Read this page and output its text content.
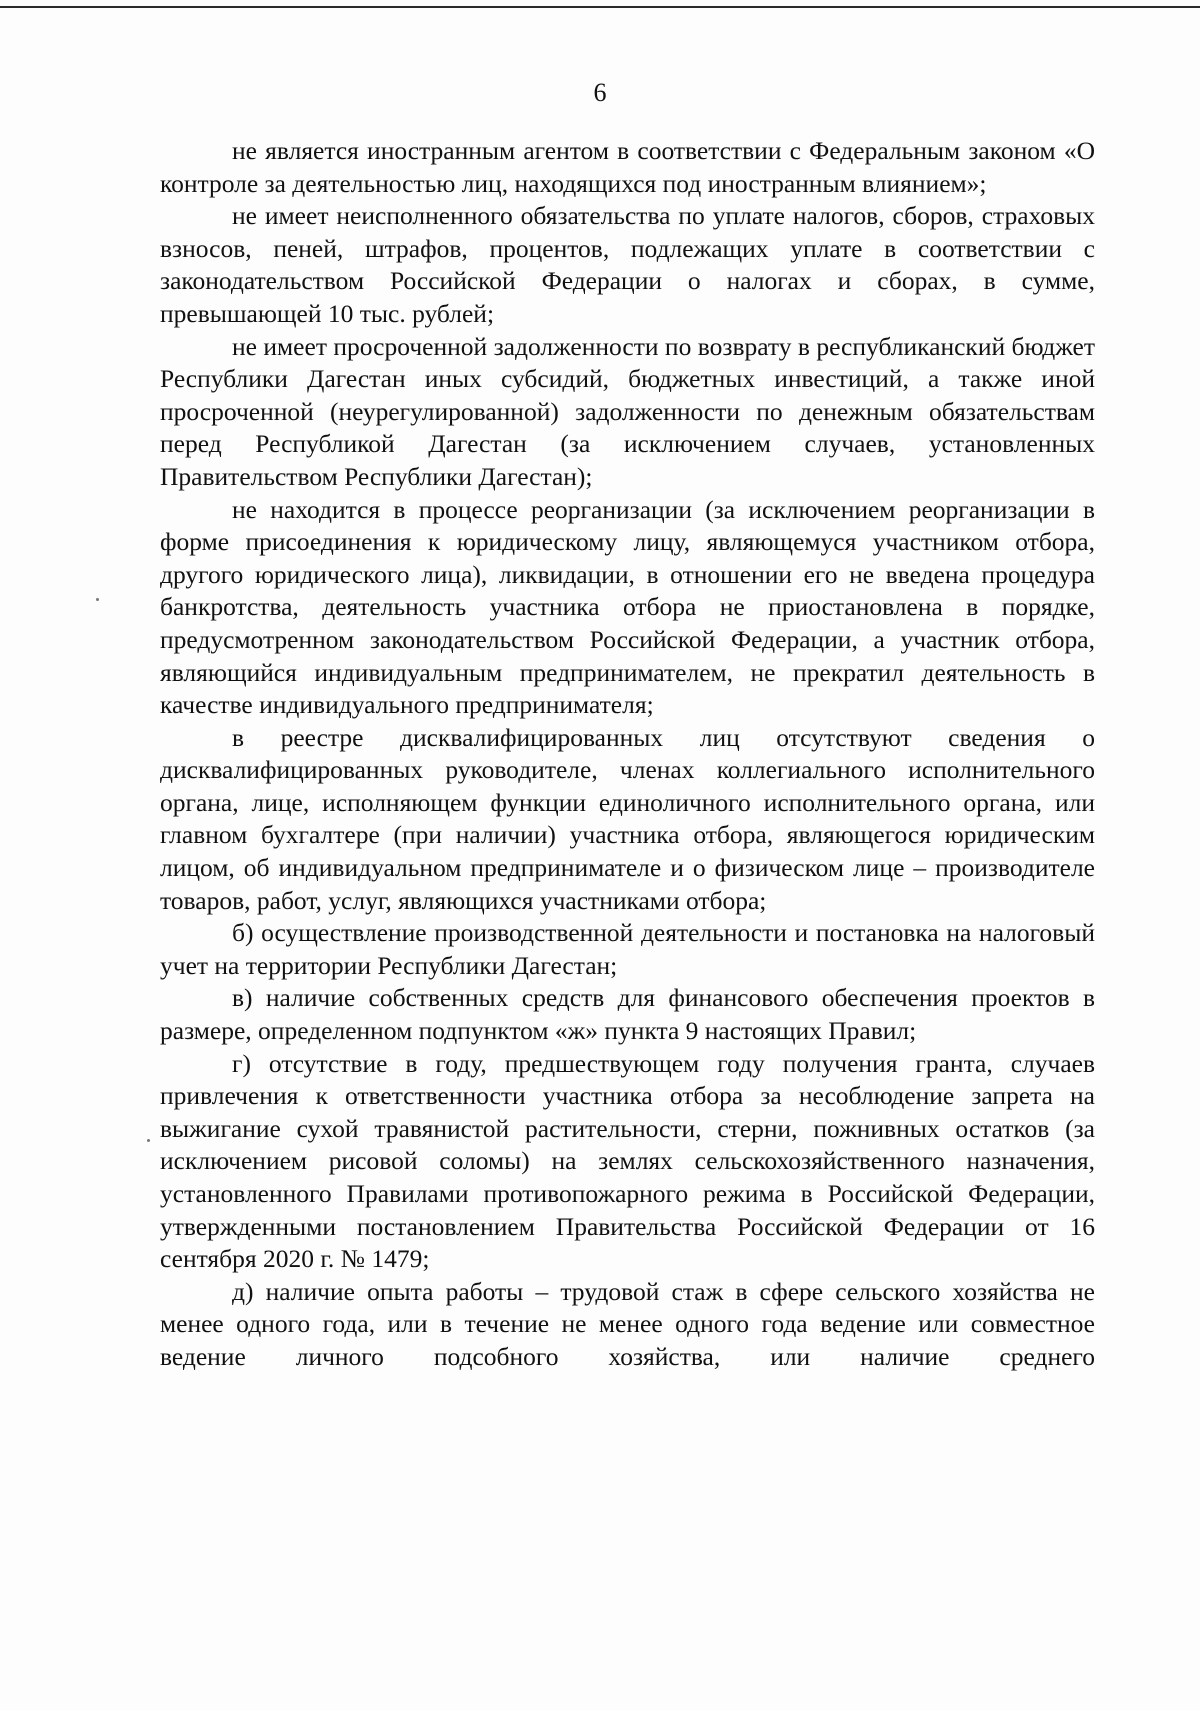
6

не является иностранным агентом в соответствии с Федеральным законом «О контроле за деятельностью лиц, находящихся под иностранным влиянием»;

не имеет неисполненного обязательства по уплате налогов, сборов, страховых взносов, пеней, штрафов, процентов, подлежащих уплате в соответствии с законодательством Российской Федерации о налогах и сборах, в сумме, превышающей 10 тыс. рублей;

не имеет просроченной задолженности по возврату в республиканский бюджет Республики Дагестан иных субсидий, бюджетных инвестиций, а также иной просроченной (неурегулированной) задолженности по денежным обязательствам перед Республикой Дагестан (за исключением случаев, установленных Правительством Республики Дагестан);

не находится в процессе реорганизации (за исключением реорганизации в форме присоединения к юридическому лицу, являющемуся участником отбора, другого юридического лица), ликвидации, в отношении его не введена процедура банкротства, деятельность участника отбора не приостановлена в порядке, предусмотренном законодательством Российской Федерации, а участник отбора, являющийся индивидуальным предпринимателем, не прекратил деятельность в качестве индивидуального предпринимателя;

в реестре дисквалифицированных лиц отсутствуют сведения о дисквалифицированных руководителе, членах коллегиального исполнительного органа, лице, исполняющем функции единоличного исполнительного органа, или главном бухгалтере (при наличии) участника отбора, являющегося юридическим лицом, об индивидуальном предпринимателе и о физическом лице – производителе товаров, работ, услуг, являющихся участниками отбора;

б) осуществление производственной деятельности и постановка на налоговый учет на территории Республики Дагестан;

в) наличие собственных средств для финансового обеспечения проектов в размере, определенном подпунктом «ж» пункта 9 настоящих Правил;

г) отсутствие в году, предшествующем году получения гранта, случаев привлечения к ответственности участника отбора за несоблюдение запрета на выжигание сухой травянистой растительности, стерни, пожнивных остатков (за исключением рисовой соломы) на землях сельскохозяйственного назначения, установленного Правилами противопожарного режима в Российской Федерации, утвержденными постановлением Правительства Российской Федерации от 16 сентября 2020 г. № 1479;

д) наличие опыта работы – трудовой стаж в сфере сельского хозяйства не менее одного года, или в течение не менее одного года ведение или совместное ведение личного подсобного хозяйства, или наличие среднего
